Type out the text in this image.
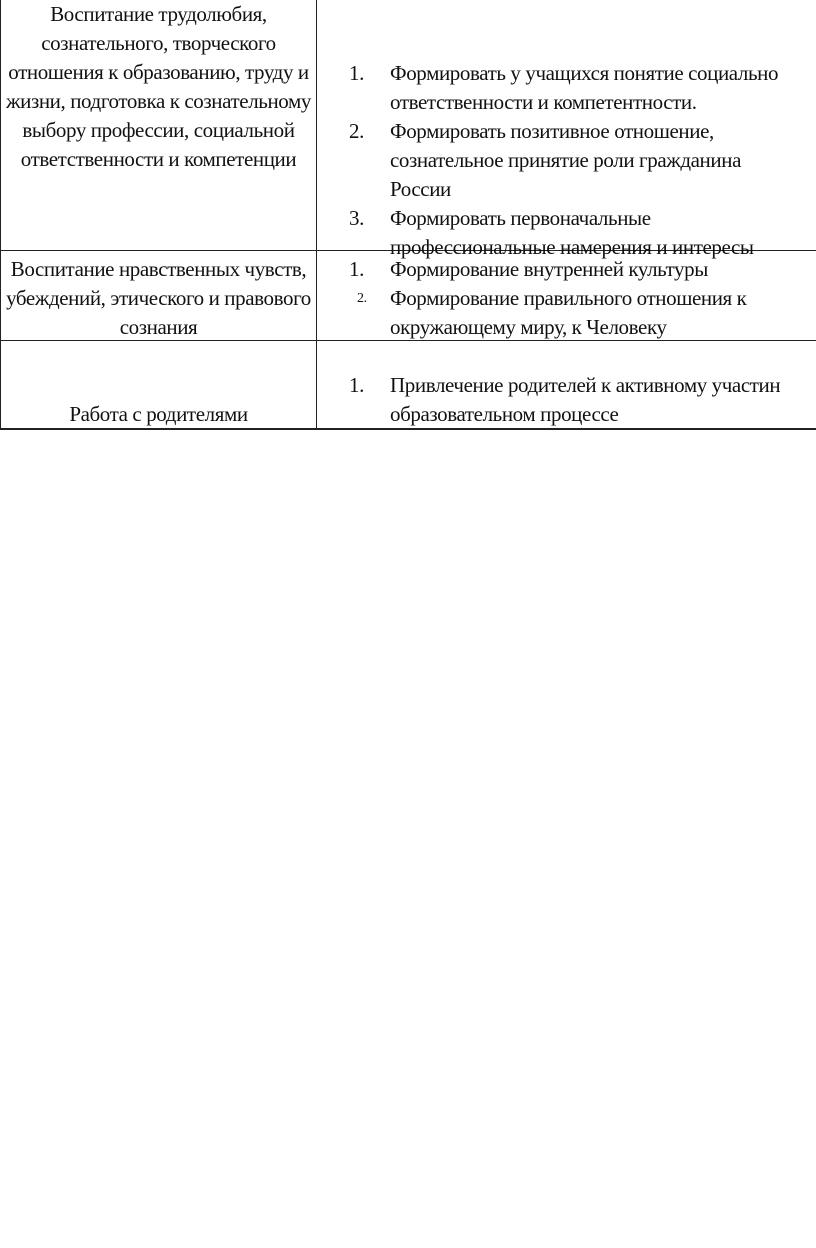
Воспитание трудолюбия, сознательного, творческого отношения к образованию, труду и жизни, подготовка к сознательному выбору профессии, социальной ответственности и компетенции
1.	Формировать у учащихся понятие социально
ответственности и компетентности.
2.	Формировать позитивное отношение,
сознательное принятие роли гражданина
России
3.	Формировать первоначальные
профессиональные намерения и интересы
Воспитание нравственных чувств, убеждений, этического и правового сознания
1.	Формирование внутренней культуры
2.	Формирование правильного отношения к
окружающему миру, к Человеку
Работа с родителями
1.	Привлечение родителей к активному участин
образовательном процессе
